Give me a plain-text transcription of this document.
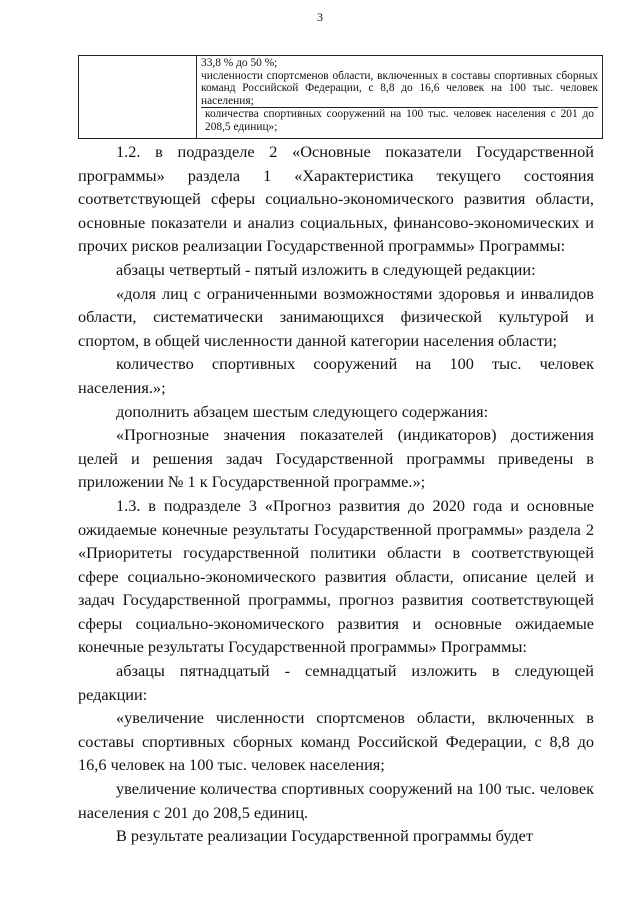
3

33,8 % до 50 %;

численности спортсменов области, включенных в составы спортивных сборных команд Российской Федерации, с 8,8 до 16,6 человек на 100 тыс. человек населения;

количества спортивных сооружений на 100 тыс. человек населения с 201 до 208,5 единиц»;

1.2. в подразделе 2 «Основные показатели Государственной программы» раздела 1 «Характеристика текущего состояния соответствующей сферы социально-экономического развития области, основные показатели и анализ социальных, финансово-экономических и прочих рисков реализации Государственной программы» Программы:

абзацы четвертый - пятый изложить в следующей редакции:

«доля лиц с ограниченными возможностями здоровья и инвалидов области, систематически занимающихся физической культурой и спортом, в общей численности данной категории населения области;

количество спортивных сооружений на 100 тыс. человек населения.»;

дополнить абзацем шестым следующего содержания:

«Прогнозные значения показателей (индикаторов) достижения целей и решения задач Государственной программы приведены в приложении № 1 к Государственной программе.»;

1.3. в подразделе 3 «Прогноз развития до 2020 года и основные ожидаемые конечные результаты Государственной программы» раздела 2 «Приоритеты государственной политики области в соответствующей сфере социально-экономического развития области, описание целей и задач Государственной программы, прогноз развития соответствующей сферы социально-экономического развития и основные ожидаемые конечные результаты Государственной программы» Программы:

абзацы пятнадцатый - семнадцатый изложить в следующей редакции:

«увеличение численности спортсменов области, включенных в составы спортивных сборных команд Российской Федерации, с 8,8 до 16,6 человек на 100 тыс. человек населения;

увеличение количества спортивных сооружений на 100 тыс. человек населения с 201 до 208,5 единиц.

В результате реализации Государственной программы будет
